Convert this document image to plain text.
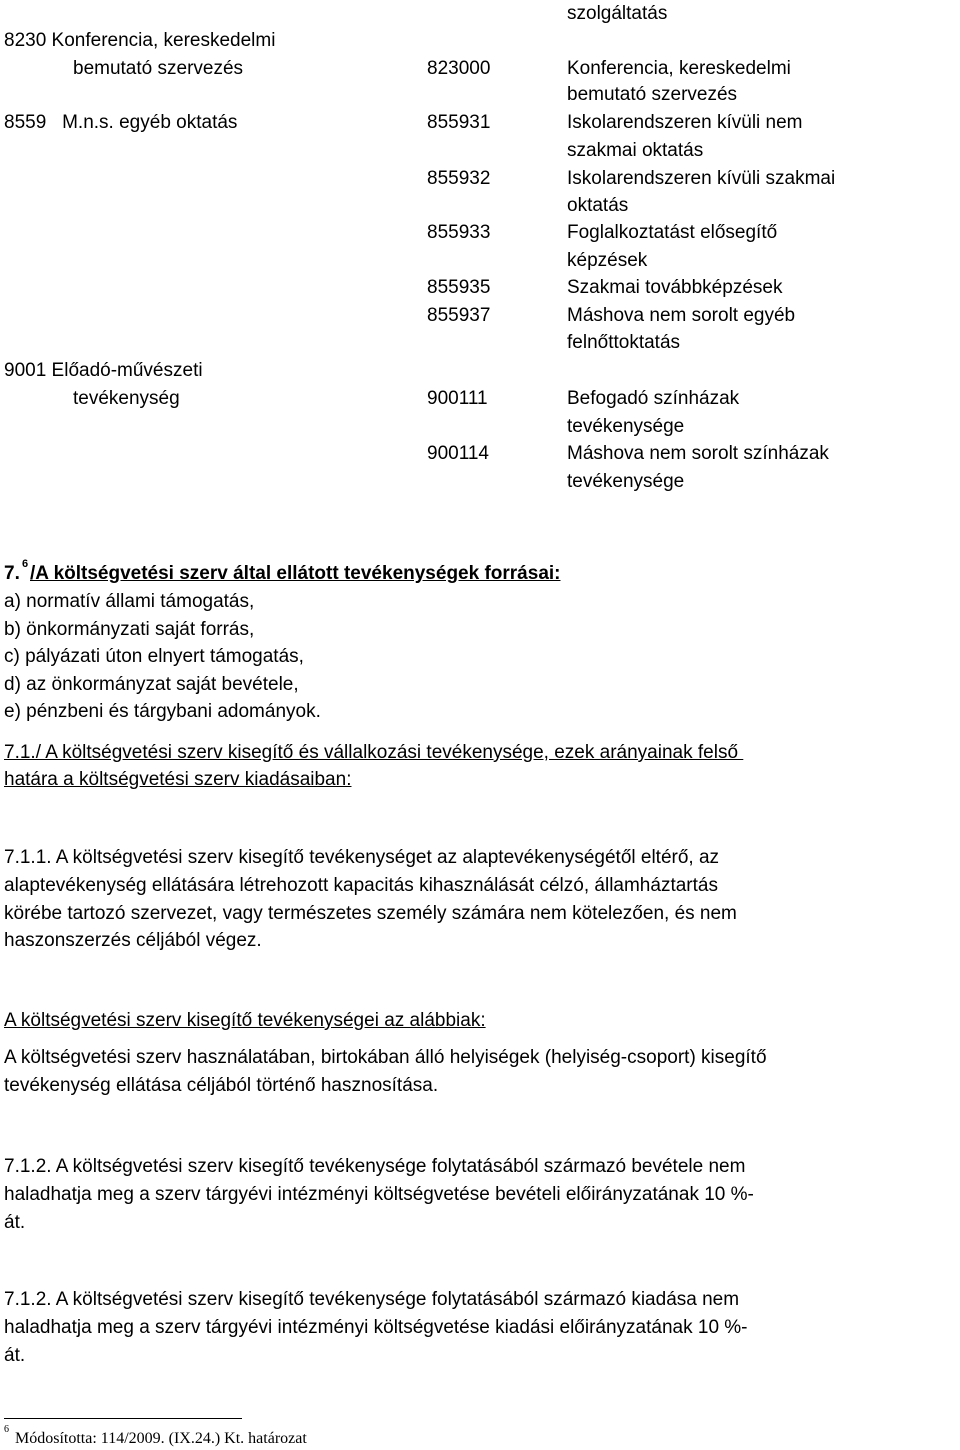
szolgáltatás
8230 Konferencia, kereskedelmi
bemutató szervezés	823000	Konferencia, kereskedelmi
bemutató szervezés
8559   M.n.s. egyéb oktatás	855931	Iskolarendszeren kívüli nem
szakmai oktatás
855932	Iskolarendszeren kívüli szakmai
oktatás
855933	Foglalkoztatást elősegítő
képzések
855935	Szakmai továbbképzések
855937	Máshova nem sorolt egyéb
felnőttoktatás
9001 Előadó-művészeti
tevékenység	900111	Befogadó színházak
tevékenysége
900114	Máshova nem sorolt színházak
tevékenysége
7. 6 /A költségvetési szerv által ellátott tevékenységek forrásai:
a) normatív állami támogatás,
b) önkormányzati saját forrás,
c) pályázati úton elnyert támogatás,
d) az önkormányzat saját bevétele,
e) pénzbeni és tárgybani adományok.
7.1./ A költségvetési szerv kisegítő és vállalkozási tevékenysége, ezek arányainak felső
határa a költségvetési szerv kiadásaiban:
7.1.1. A költségvetési szerv kisegítő tevékenységet az alaptevékenységétől eltérő, az
alaptevékenység ellátására létrehozott kapacitás kihasználását célzó, államháztartás
körébe tartozó szervezet, vagy természetes személy számára nem kötelezően, és nem
haszonszerzés céljából végez.
A költségvetési szerv kisegítő tevékenységei az alábbiak:
A költségvetési szerv használatában, birtokában álló helyiségek (helyiség-csoport) kisegítő
tevékenység ellátása céljából történő hasznosítása.
7.1.2. A költségvetési szerv kisegítő tevékenysége folytatásából származó bevétele nem
haladhatja meg a szerv tárgyévi intézményi költségvetése bevételi előirányzatának 10 %-
át.
7.1.2. A költségvetési szerv kisegítő tevékenysége folytatásából származó kiadása nem
haladhatja meg a szerv tárgyévi intézményi költségvetése kiadási előirányzatának 10 %-
át.
6
Módosította: 114/2009. (IX.24.) Kt. határozat
